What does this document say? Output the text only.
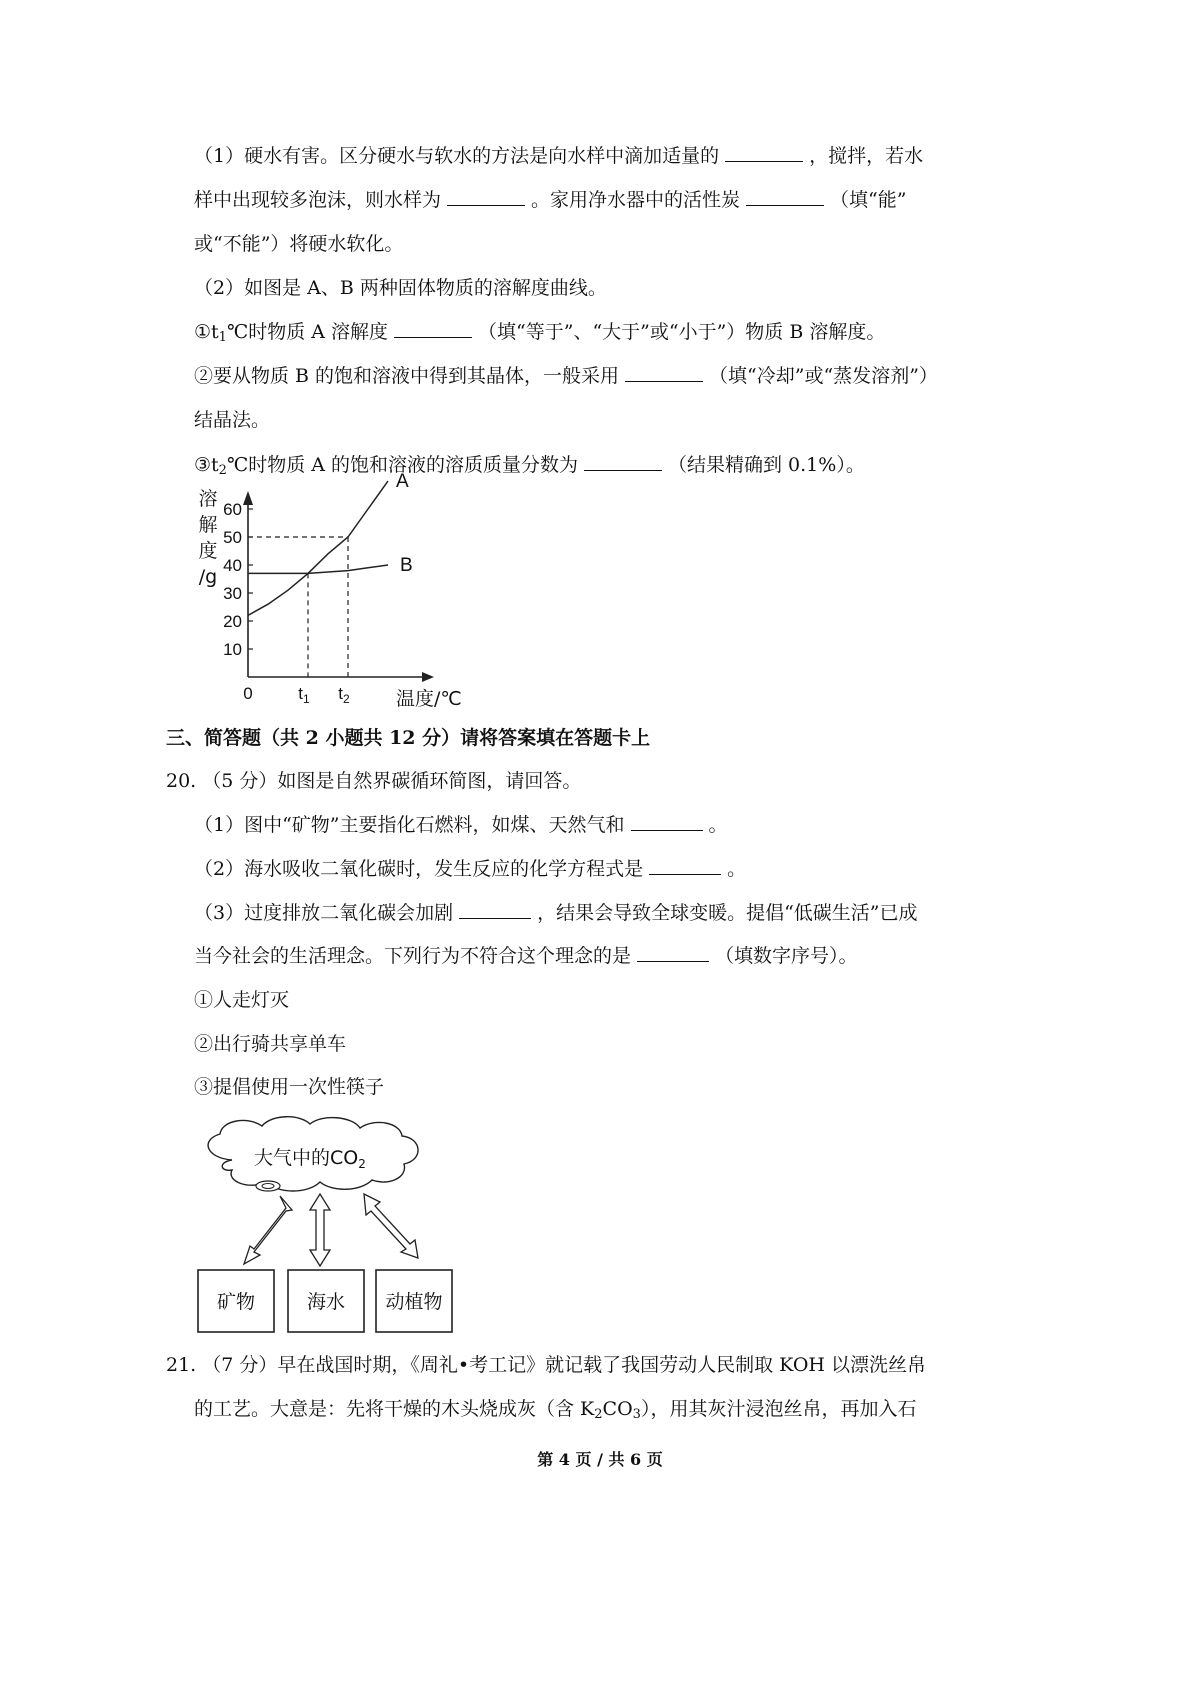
（1）硬水有害。区分硬水与软水的方法是向水样中滴加适量的	，搅拌，若水
样中出现较多泡沫，则水样为	。家用净水器中的活性炭	（填“能”
或“不能”）将硬水软化。
（2）如图是 A、B 两种固体物质的溶解度曲线。
$①t_1℃$时物质 A 溶解度	（填“等于”、“大于”或“小于”）物质 B 溶解度。
②要从物质 B 的饱和溶液中得到其晶体，一般采用	（填“冷却”或“蒸发溶剂”）
结晶法。
$③t_2℃$时物质 A 的饱和溶液的溶质质量分数为	（结果精确到 0.1%）。
溶
解
度
/g
60
50
40
30
20
10
0	$t_1$ $t_2$ 温度/℃
A
B
三、简答题（共 2 小题共 12 分）请将答案填在答题卡上
20. （5 分）如图是自然界碳循环简图，请回答。
（1）图中“矿物”主要指化石燃料，如煤、天然气和	。
（2）海水吸收二氧化碳时，发生反应的化学方程式是	。
（3）过度排放二氧化碳会加剧	，结果会导致全球变暖。提倡“低碳生活”已成
当今社会的生活理念。下列行为不符合这个理念的是	（填数字序号）。
①人走灯灭
②出行骑共享单车
③提倡使用一次性筷子
大气中的$CO_2$
矿物	海水 动植物
21. （7 分）早在战国时期，《周礼•考工记》就记载了我国劳动人民制取 KOH 以漂洗丝帛
的工艺。大意是：先将干燥的木头烧成灰（含 $K_2CO_3$），用其灰汁浸泡丝帛，再加入石
第 4 页 / 共 6 页
